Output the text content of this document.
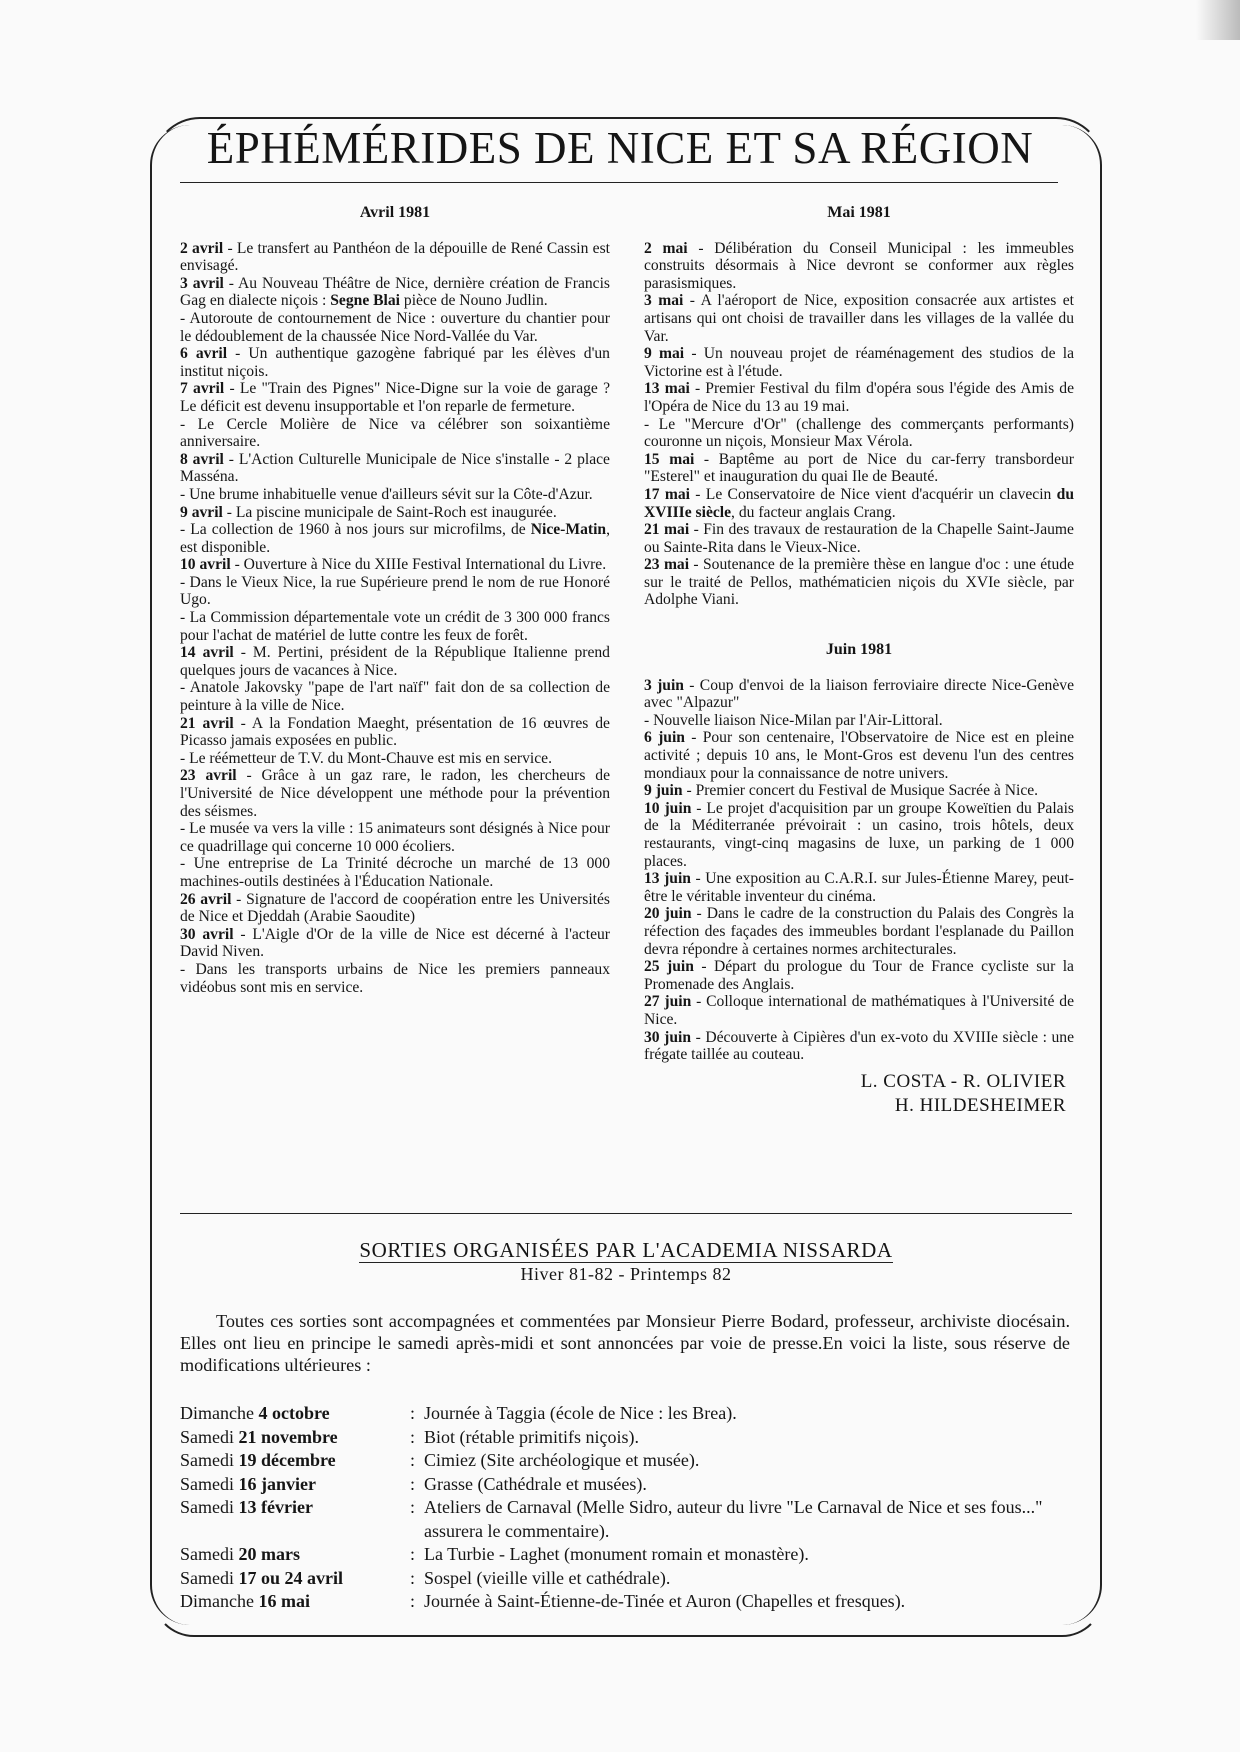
ÉPHÉMÉRIDES DE NICE ET SA RÉGION

Avril 1981

2 avril - Le transfert au Panthéon de la dépouille de René Cassin est envisagé.

3 avril - Au Nouveau Théâtre de Nice, dernière création de Francis Gag en dialecte niçois : Segne Blai pièce de Nouno Judlin.

- Autoroute de contournement de Nice : ouverture du chantier pour le dédoublement de la chaussée Nice Nord-Vallée du Var.

6 avril - Un authentique gazogène fabriqué par les élèves d'un institut niçois.

7 avril - Le "Train des Pignes" Nice-Digne sur la voie de garage ? Le déficit est devenu insupportable et l'on reparle de fermeture.

- Le Cercle Molière de Nice va célébrer son soixantième anniversaire.

8 avril - L'Action Culturelle Municipale de Nice s'installe - 2 place Masséna.

- Une brume inhabituelle venue d'ailleurs sévit sur la Côte-d'Azur.

9 avril - La piscine municipale de Saint-Roch est inaugurée.

- La collection de 1960 à nos jours sur microfilms, de Nice-Matin, est disponible.

10 avril - Ouverture à Nice du XIIIe Festival International du Livre.

- Dans le Vieux Nice, la rue Supérieure prend le nom de rue Honoré Ugo.

- La Commission départementale vote un crédit de 3 300 000 francs pour l'achat de matériel de lutte contre les feux de forêt.

14 avril - M. Pertini, président de la République Italienne prend quelques jours de vacances à Nice.

- Anatole Jakovsky "pape de l'art naïf" fait don de sa collection de peinture à la ville de Nice.

21 avril - A la Fondation Maeght, présentation de 16 œuvres de Picasso jamais exposées en public.

- Le réémetteur de T.V. du Mont-Chauve est mis en service.

23 avril - Grâce à un gaz rare, le radon, les chercheurs de l'Université de Nice développent une méthode pour la prévention des séismes.

- Le musée va vers la ville : 15 animateurs sont désignés à Nice pour ce quadrillage qui concerne 10 000 écoliers.

- Une entreprise de La Trinité décroche un marché de 13 000 machines-outils destinées à l'Éducation Nationale.

26 avril - Signature de l'accord de coopération entre les Universités de Nice et Djeddah (Arabie Saoudite)

30 avril - L'Aigle d'Or de la ville de Nice est décerné à l'acteur David Niven.

- Dans les transports urbains de Nice les premiers panneaux vidéobus sont mis en service.

Mai 1981

2 mai - Délibération du Conseil Municipal : les immeubles construits désormais à Nice devront se conformer aux règles parasismiques.

3 mai - A l'aéroport de Nice, exposition consacrée aux artistes et artisans qui ont choisi de travailler dans les villages de la vallée du Var.

9 mai - Un nouveau projet de réaménagement des studios de la Victorine est à l'étude.

13 mai - Premier Festival du film d'opéra sous l'égide des Amis de l'Opéra de Nice du 13 au 19 mai.

- Le "Mercure d'Or" (challenge des commerçants performants) couronne un niçois, Monsieur Max Vérola.

15 mai - Baptême au port de Nice du car-ferry transbordeur "Esterel" et inauguration du quai Ile de Beauté.

17 mai - Le Conservatoire de Nice vient d'acquérir un clavecin du XVIIIe siècle, du facteur anglais Crang.

21 mai - Fin des travaux de restauration de la Chapelle Saint-Jaume ou Sainte-Rita dans le Vieux-Nice.

23 mai - Soutenance de la première thèse en langue d'oc : une étude sur le traité de Pellos, mathématicien niçois du XVIe siècle, par Adolphe Viani.

Juin 1981

3 juin - Coup d'envoi de la liaison ferroviaire directe Nice-Genève avec "Alpazur"

- Nouvelle liaison Nice-Milan par l'Air-Littoral.

6 juin - Pour son centenaire, l'Observatoire de Nice est en pleine activité ; depuis 10 ans, le Mont-Gros est devenu l'un des centres mondiaux pour la connaissance de notre univers.

9 juin - Premier concert du Festival de Musique Sacrée à Nice.

10 juin - Le projet d'acquisition par un groupe Koweïtien du Palais de la Méditerranée prévoirait : un casino, trois hôtels, deux restaurants, vingt-cinq magasins de luxe, un parking de 1 000 places.

13 juin - Une exposition au C.A.R.I. sur Jules-Étienne Marey, peut-être le véritable inventeur du cinéma.

20 juin - Dans le cadre de la construction du Palais des Congrès la réfection des façades des immeubles bordant l'esplanade du Paillon devra répondre à certaines normes architecturales.

25 juin - Départ du prologue du Tour de France cycliste sur la Promenade des Anglais.

27 juin - Colloque international de mathématiques à l'Université de Nice.

30 juin - Découverte à Cipières d'un ex-voto du XVIIIe siècle : une frégate taillée au couteau.

L. COSTA - R. OLIVIER
H. HILDESHEIMER
SORTIES ORGANISÉES PAR L'ACADEMIA NISSARDA
Hiver 81-82 - Printemps 82

Toutes ces sorties sont accompagnées et commentées par Monsieur Pierre Bodard, professeur, archiviste diocésain. Elles ont lieu en principe le samedi après-midi et sont annoncées par voie de presse.En voici la liste, sous réserve de modifications ultérieures :

Dimanche 4 octobre	: Journée à Taggia (école de Nice : les Brea).
Samedi 21 novembre	: Biot (rétable primitifs niçois).
Samedi 19 décembre	: Cimiez (Site archéologique et musée).
Samedi 16 janvier	: Grasse (Cathédrale et musées).
Samedi 13 février	: Ateliers de Carnaval (Melle Sidro, auteur du livre "Le Carnaval de Nice et ses fous..." assurera le commentaire).
Samedi 20 mars	: La Turbie - Laghet (monument romain et monastère).
Samedi 17 ou 24 avril	: Sospel (vieille ville et cathédrale).
Dimanche 16 mai	: Journée à Saint-Étienne-de-Tinée et Auron (Chapelles et fresques).
